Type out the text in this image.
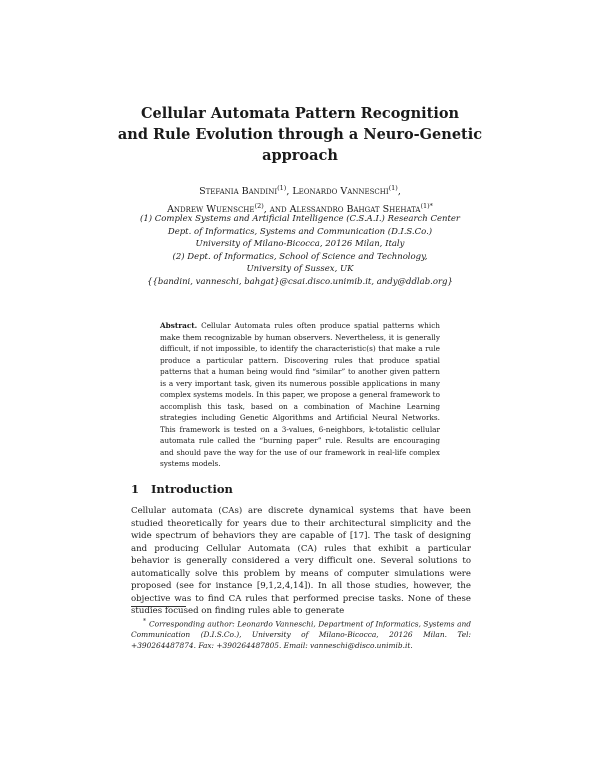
Cellular Automata Pattern Recognition
and Rule Evolution through a Neuro-Genetic
approach
Stefania Bandini$^{(1)}$, Leonardo Vanneschi$^{(1)}$,
Andrew Wuensche$^{(2)}$, and Alessandro Bahgat Shehata$^{(1)*}$
(1) Complex Systems and Artificial Intelligence (C.S.A.I.) Research Center
Dept. of Informatics, Systems and Communication (D.I.S.Co.)
University of Milano-Bicocca, 20126 Milan, Italy
(2) Dept. of Informatics, School of Science and Technology,
University of Sussex, UK
{{bandini, vanneschi, bahgat}@csai.disco.unimib.it, andy@ddlab.org}
Abstract. Cellular Automata rules often produce spatial patterns which make them recognizable by human observers. Nevertheless, it is generally difficult, if not impossible, to identify the characteristic(s) that make a rule produce a particular pattern. Discovering rules that produce spatial patterns that a human being would find “similar” to another given pattern is a very important task, given its numerous possible applications in many complex systems models. In this paper, we propose a general framework to accomplish this task, based on a combination of Machine Learning strategies including Genetic Algorithms and Artificial Neural Networks. This framework is tested on a 3-values, 6-neighbors, k-totalistic cellular automata rule called the “burning paper” rule. Results are encouraging and should pave the way for the use of our framework in real-life complex systems models.
1 Introduction
Cellular automata (CAs) are discrete dynamical systems that have been studied theoretically for years due to their architectural simplicity and the wide spectrum of behaviors they are capable of [17]. The task of designing and producing Cellular Automata (CA) rules that exhibit a particular behavior is generally considered a very difficult one. Several solutions to automatically solve this problem by means of computer simulations were proposed (see for instance [9,1,2,4,14]). In all those studies, however, the objective was to find CA rules that performed precise tasks. None of these studies focused on finding rules able to generate
* Corresponding author: Leonardo Vanneschi, Department of Informatics, Systems and Communication (D.I.S.Co.), University of Milano-Bicocca, 20126 Milan. Tel: +390264487874. Fax: +390264487805. Email: vanneschi@disco.unimib.it.
